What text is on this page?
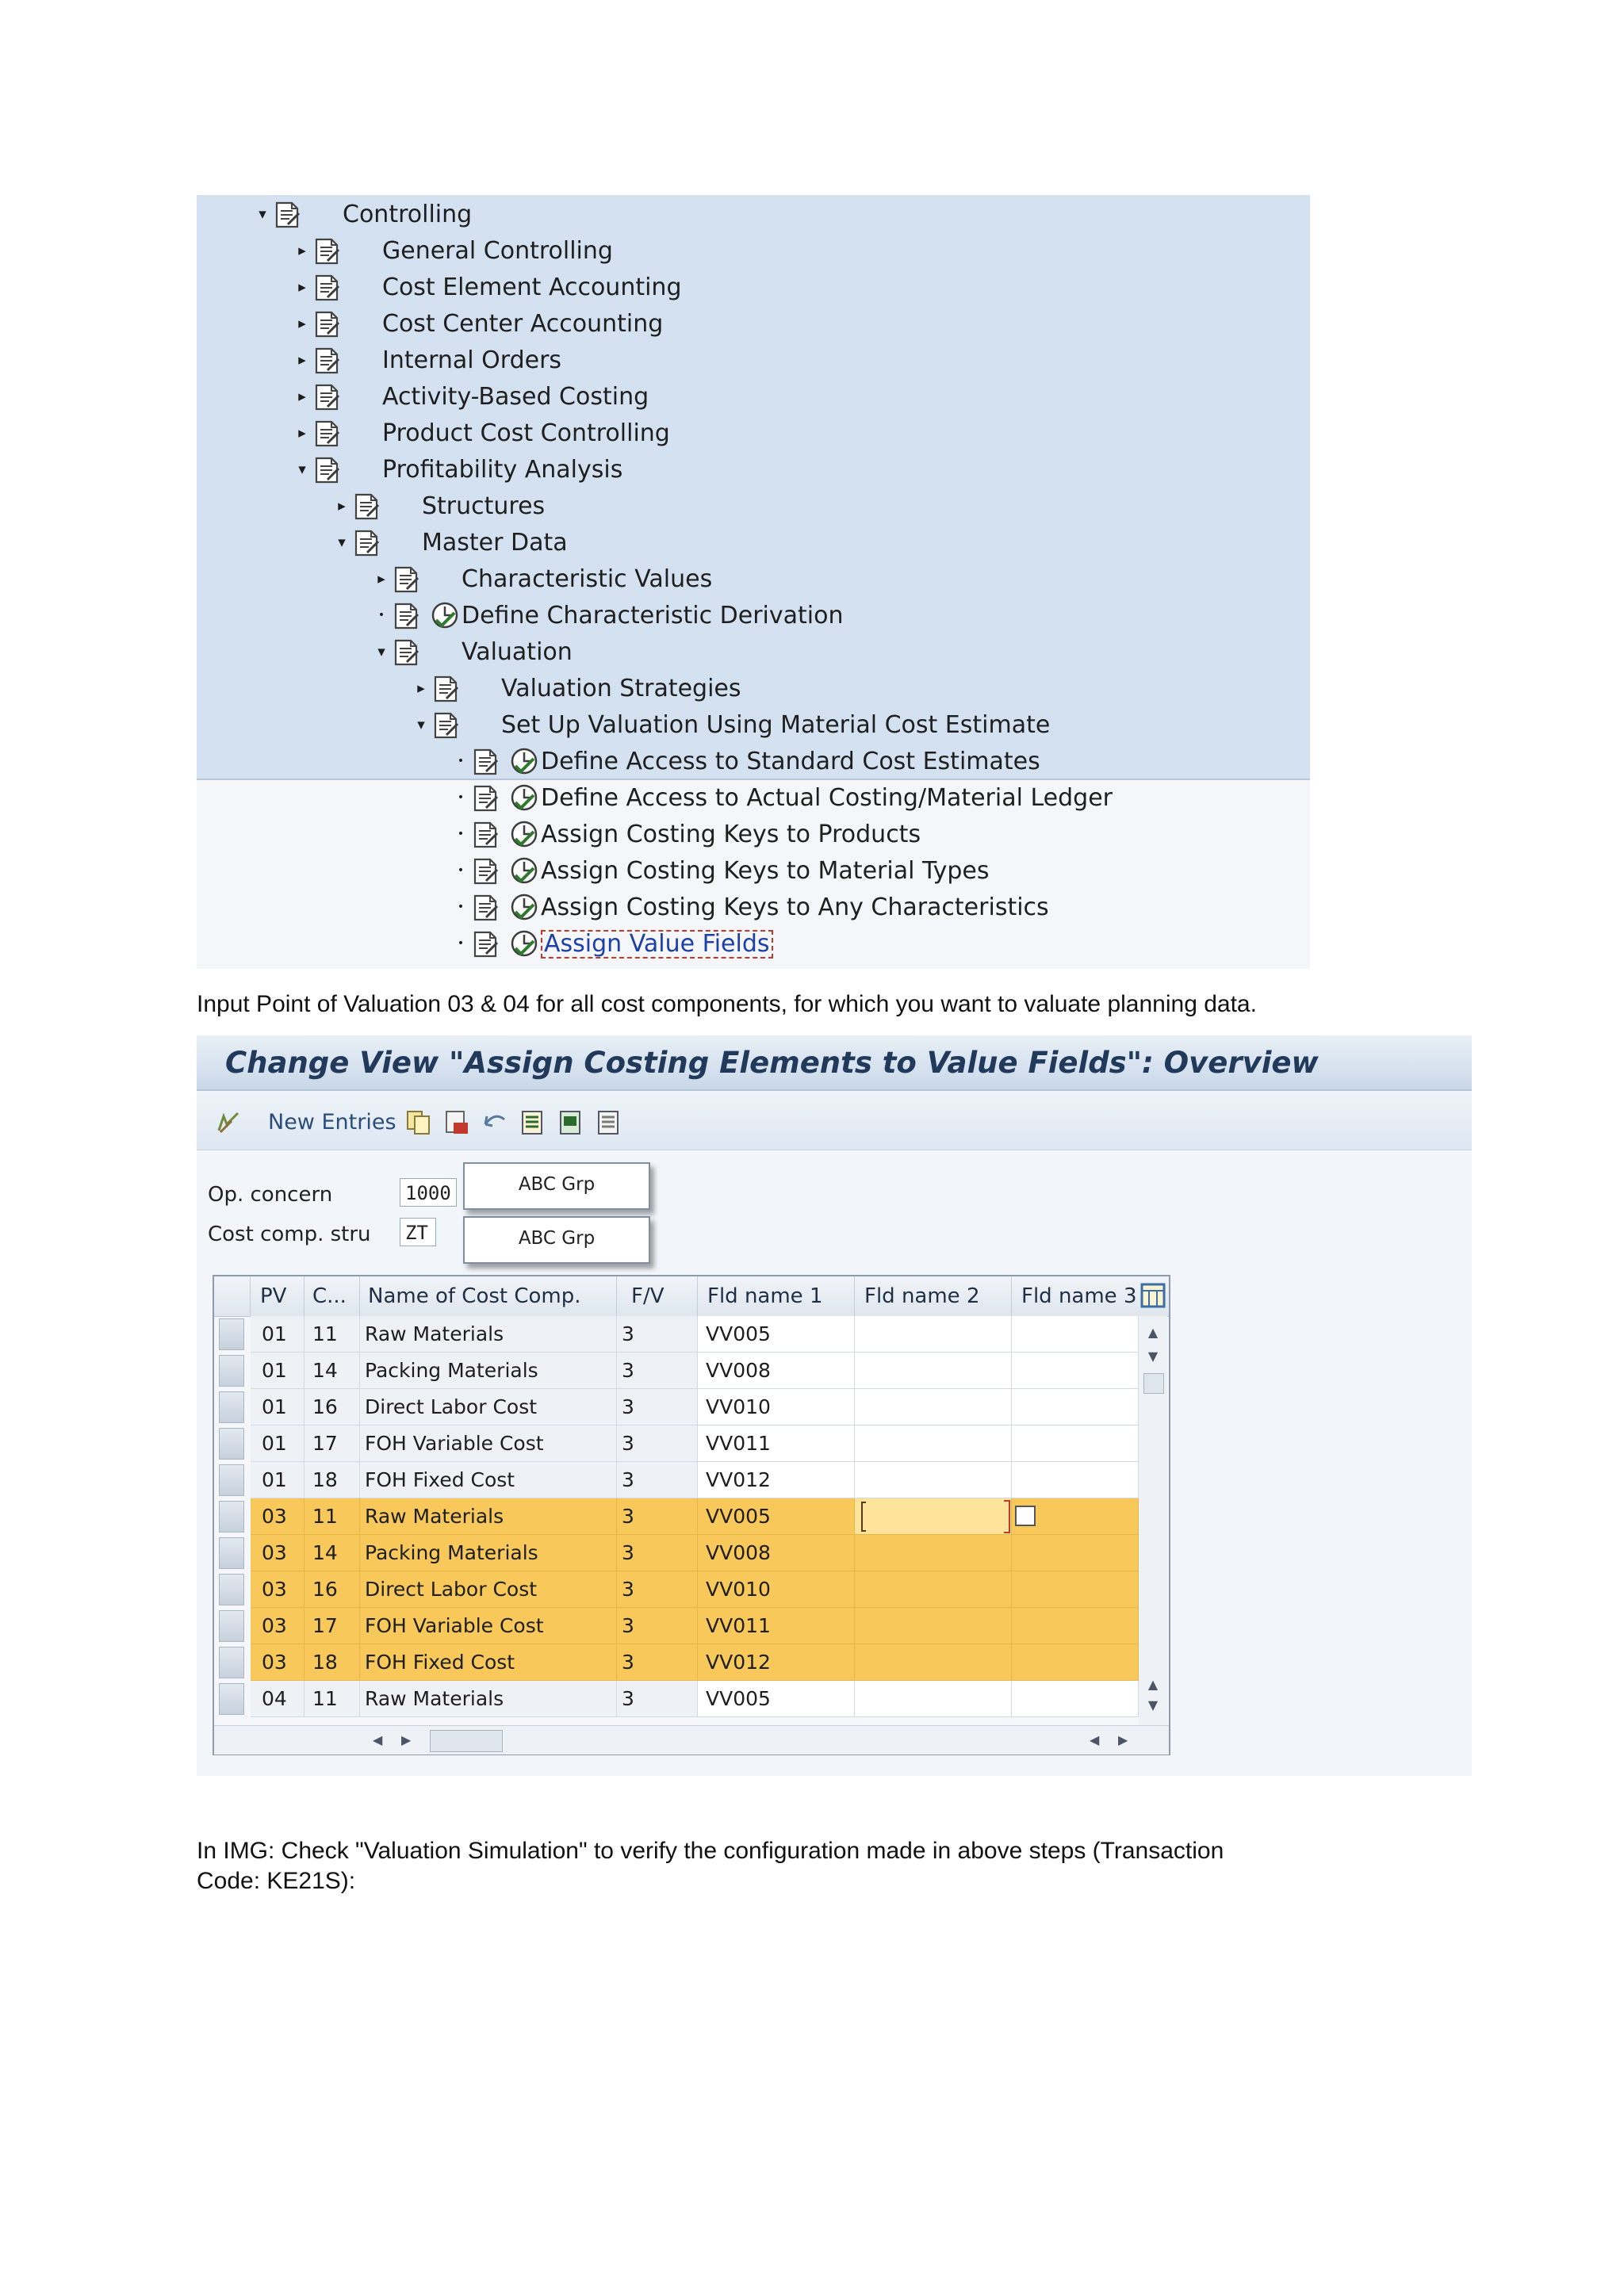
▾	Controlling
▸	General Controlling
▸	Cost Element Accounting
▸	Cost Center Accounting
▸	Internal Orders
▸	Activity-Based Costing
▸	Product Cost Controlling
▾	Profitability Analysis
▸	Structures
▾	Master Data
▸	Characteristic Values
•	Define Characteristic Derivation
▾	Valuation
▸	Valuation Strategies
▾	Set Up Valuation Using Material Cost Estimate
•	Define Access to Standard Cost Estimates
•	Define Access to Actual Costing/Material Ledger
•	Assign Costing Keys to Products
•	Assign Costing Keys to Material Types
•	Assign Costing Keys to Any Characteristics
•	Assign Value Fields
Input Point of Valuation 03 & 04 for all cost components, for which you want to valuate planning data.
Change View "Assign Costing Elements to Value Fields": Overview
New Entries
Op. concern	1000	ABC Grp
Cost comp. stru ZT	ABC Grp
PV	C...	Name of Cost Comp.	F/V	Fld name 1	Fld name 2	Fld name 3
01	11	Raw Materials	3	VV005
01	14	Packing Materials	3	VV008
01	16	Direct Labor Cost	3	VV010
01	17	FOH Variable Cost	3	VV011
01	18	FOH Fixed Cost	3	VV012
03	11	Raw Materials	3	VV005
03	14	Packing Materials	3	VV008
03	16	Direct Labor Cost	3	VV010
03	17	FOH Variable Cost	3	VV011
03	18	FOH Fixed Cost	3	VV012
04	11	Raw Materials	3	VV005
▲
▼
▲
▼
◀ ▶	◀ ▶
In IMG: Check "Valuation Simulation" to verify the configuration made in above steps (Transaction
Code: KE21S):
